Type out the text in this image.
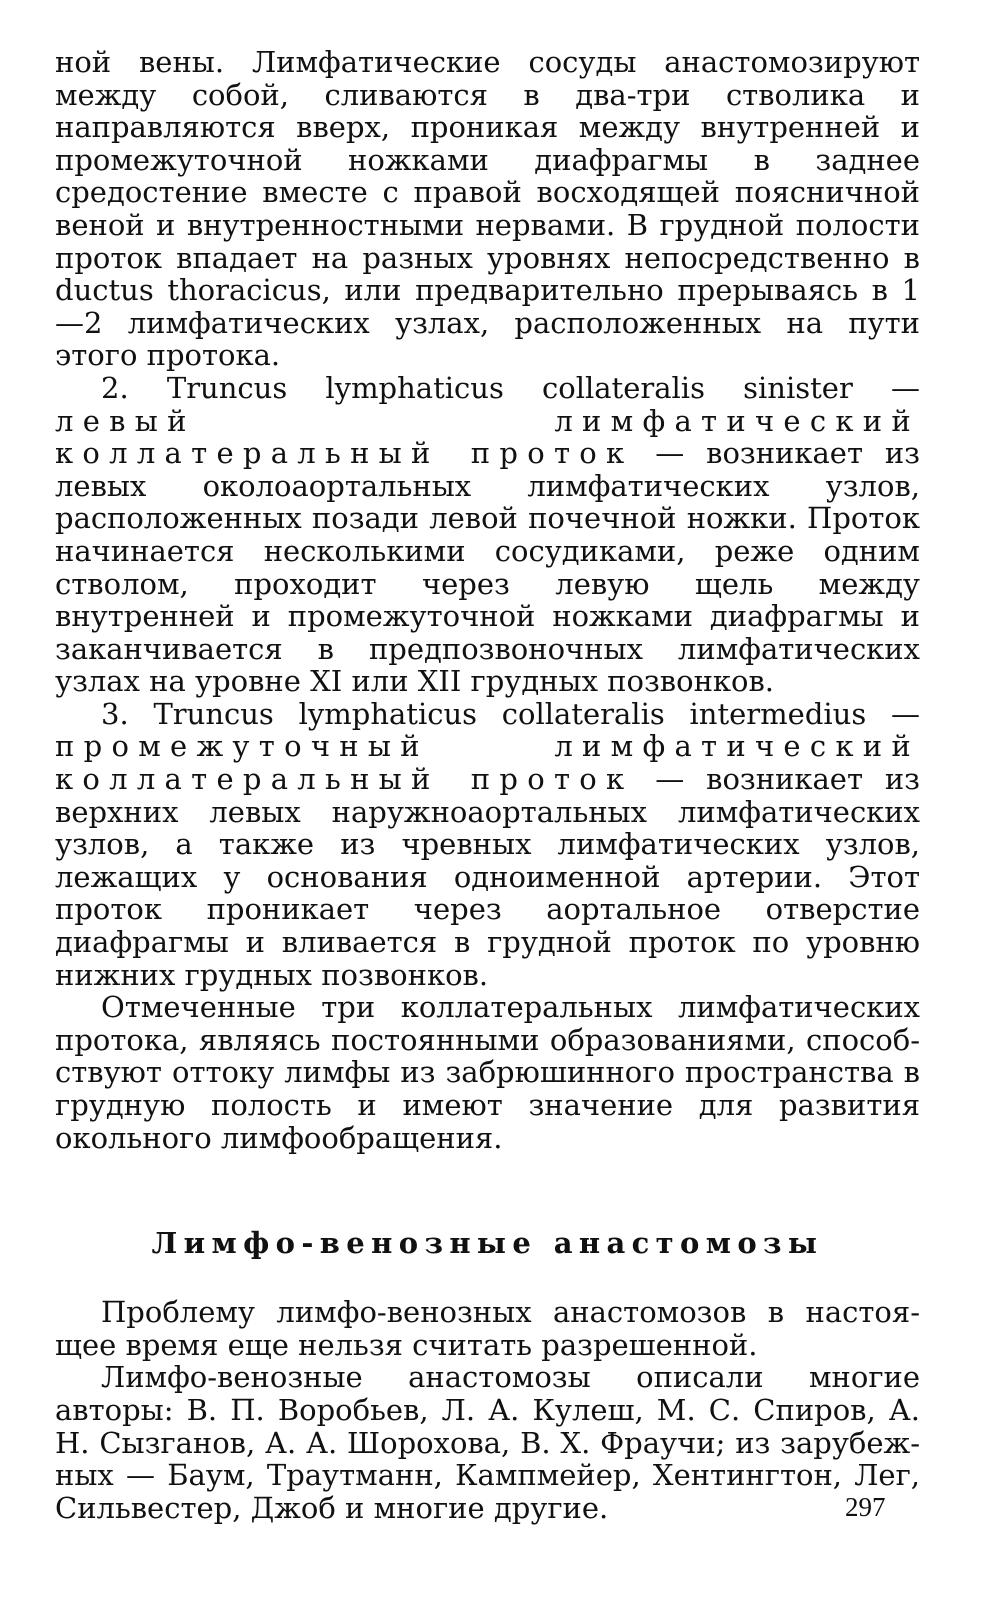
ной вены. Лимфатические сосуды анастомозируют между собой, сливаются в два-три стволика и направляются вверх, проникая между внутренней и промежуточной ножками диафрагмы в заднее средостение вместе с правой восходящей поясничной веной и внутренностными нервами. В грудной полости проток впадает на разных уровнях непосредственно в ductus thoracicus, или предварительно прерываясь в 1—2 лимфатических узлах, расположенных на пути этого протока.

2. Truncus lymphaticus collateralis sinister — левый лимфатический коллатеральный проток — возникает из левых околоаортальных лимфатических узлов, расположенных позади левой почечной ножки. Проток начинается несколькими сосудиками, реже одним стволом, проходит через левую щель между внутренней и промежуточной ножками диафрагмы и заканчивается в предпозвоночных лимфатических узлах на уровне XI или XII грудных позвонков.

3. Truncus lymphaticus collateralis intermedius — промежуточный лимфатический коллатеральный проток — возникает из верхних левых наружноаортальных лимфатических узлов, а также из чревных лимфатических узлов, лежащих у основания одноименной артерии. Этот проток проникает через аортальное отверстие диафрагмы и вливается в грудной проток по уровню нижних грудных позвонков.

Отмеченные три коллатеральных лимфатических протока, являясь постоянными образованиями, способствуют оттоку лимфы из забрюшинного пространства в грудную полость и имеют значение для развития окольного лимфообращения.

Лимфо-венозные анастомозы

Проблему лимфо-венозных анастомозов в настоящее время еще нельзя считать разрешенной.

Лимфо-венозные анастомозы описали многие авторы: В. П. Воробьев, Л. А. Кулеш, М. С. Спиров, А. Н. Сызганов, А. А. Шорохова, В. Х. Фраучи; из зарубежных — Баум, Траутманн, Кампмейер, Хентингтон, Лег, Сильвестер, Джоб и многие другие.	297
